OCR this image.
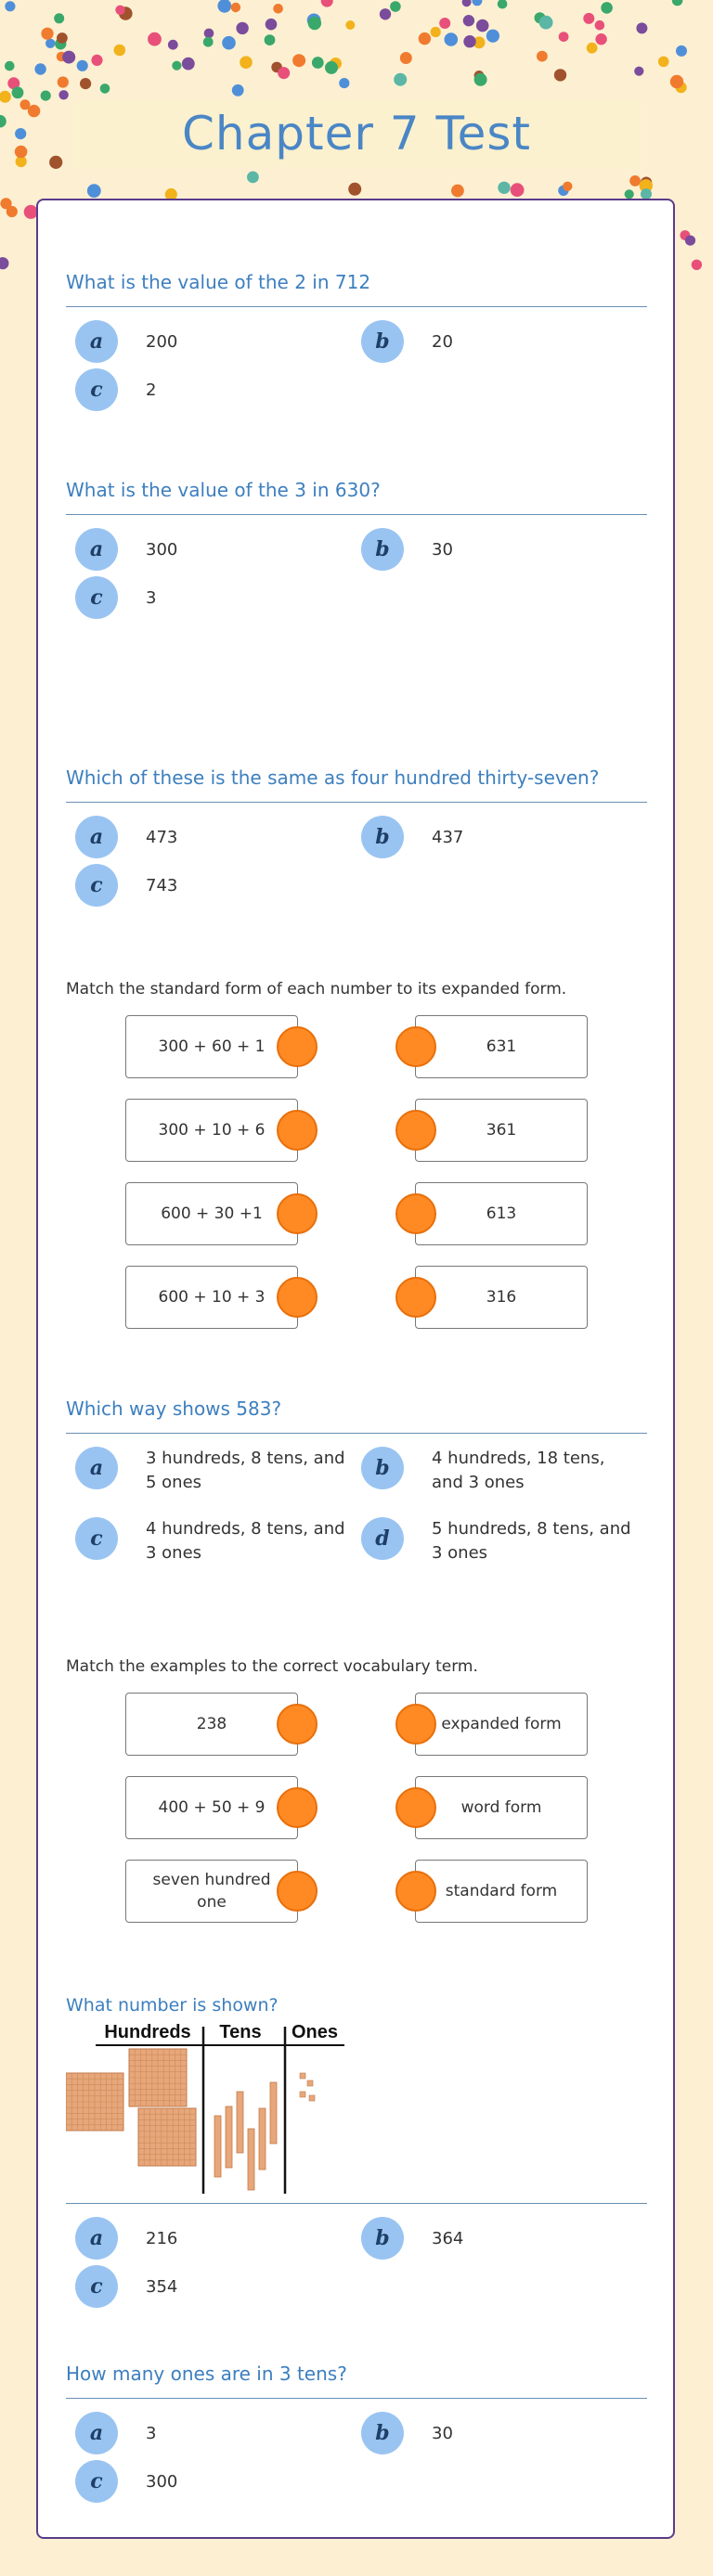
Chapter 7 Test
What is the value of the 2 in 712
a	200	b	20
c	2
What is the value of the 3 in 630?
a	300	b	30
c	3
Which of these is the same as four hundred thirty-seven?
a	473	b	437
c	743
Match the standard form of each number to its expanded form.
300 + 60 + 1	631
300 + 10 + 6	361
600 + 30 +1	613
600 + 10 + 3	316
Which way shows 583?
a	3 hundreds, 8 tens, and 5 ones
b	4 hundreds, 18 tens, and 3 ones
c	4 hundreds, 8 tens, and 3 ones
d	5 hundreds, 8 tens, and 3 ones
Match the examples to the correct vocabulary term.
238	expanded form
400 + 50 + 9	word form
seven hundred one
standard form
What number is shown?
Hundreds Tens Ones
a	216	b	364
c	354
How many ones are in 3 tens?
a	3	b	30
c	300
